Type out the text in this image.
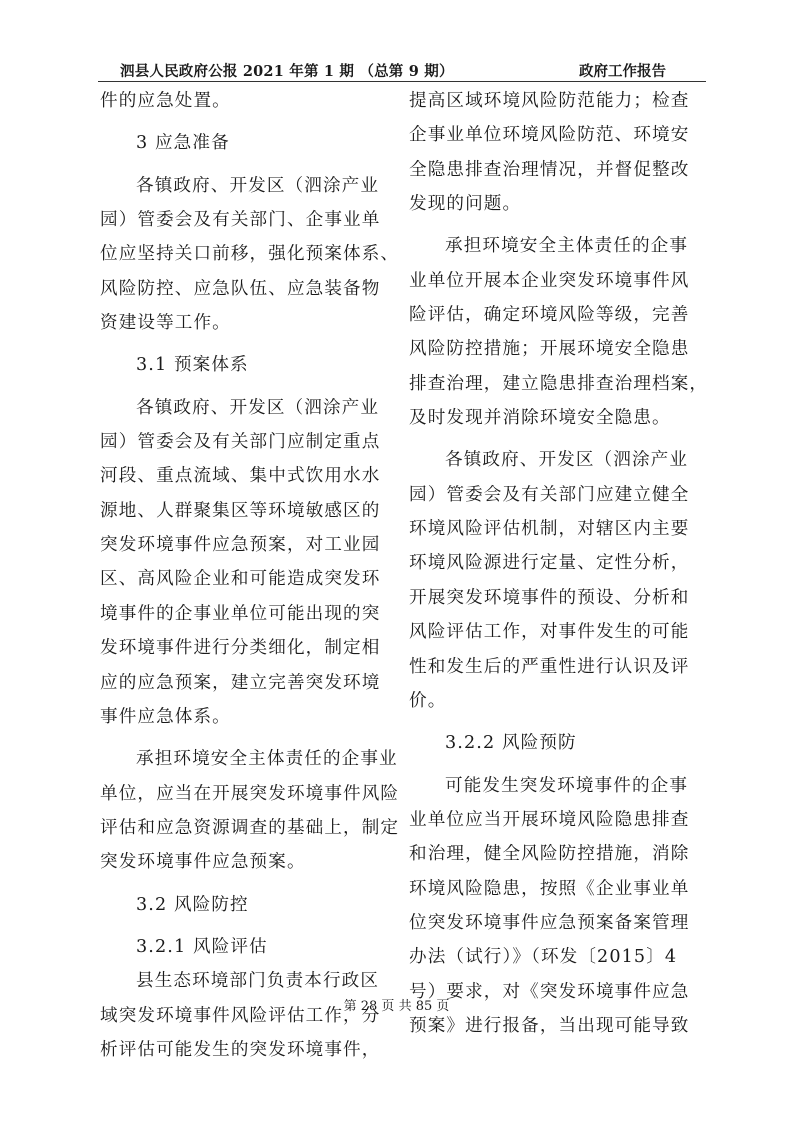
泗县人民政府公报 2021 年第 1 期 （总第 9 期）	政府工作报告
件的应急处置。
3 应急准备
各镇政府、开发区（泗涂产业
园）管委会及有关部门、企事业单
位应坚持关口前移，强化预案体系、
风险防控、应急队伍、应急装备物
资建设等工作。
3.1 预案体系
各镇政府、开发区（泗涂产业
园）管委会及有关部门应制定重点
河段、重点流域、集中式饮用水水
源地、人群聚集区等环境敏感区的
突发环境事件应急预案，对工业园
区、高风险企业和可能造成突发环
境事件的企事业单位可能出现的突
发环境事件进行分类细化，制定相
应的应急预案，建立完善突发环境
事件应急体系。
承担环境安全主体责任的企事业
单位，应当在开展突发环境事件风险
评估和应急资源调查的基础上，制定
突发环境事件应急预案。
3.2 风险防控
3.2.1 风险评估
县生态环境部门负责本行政区
域突发环境事件风险评估工作，分
析评估可能发生的突发环境事件，
提高区域环境风险防范能力；检查
企事业单位环境风险防范、环境安
全隐患排查治理情况，并督促整改
发现的问题。
承担环境安全主体责任的企事
业单位开展本企业突发环境事件风
险评估，确定环境风险等级，完善
风险防控措施；开展环境安全隐患
排查治理，建立隐患排查治理档案，
及时发现并消除环境安全隐患。
各镇政府、开发区（泗涂产业
园）管委会及有关部门应建立健全
环境风险评估机制，对辖区内主要
环境风险源进行定量、定性分析，
开展突发环境事件的预设、分析和
风险评估工作，对事件发生的可能
性和发生后的严重性进行认识及评
价。
3.2.2 风险预防
可能发生突发环境事件的企事
业单位应当开展环境风险隐患排查
和治理，健全风险防控措施，消除
环境风险隐患，按照《企业事业单
位突发环境事件应急预案备案管理
办法（试行）》（环发〔2015〕4
号）要求，对《突发环境事件应急
预案》进行报备，当出现可能导致
第 28 页 共 85 页
